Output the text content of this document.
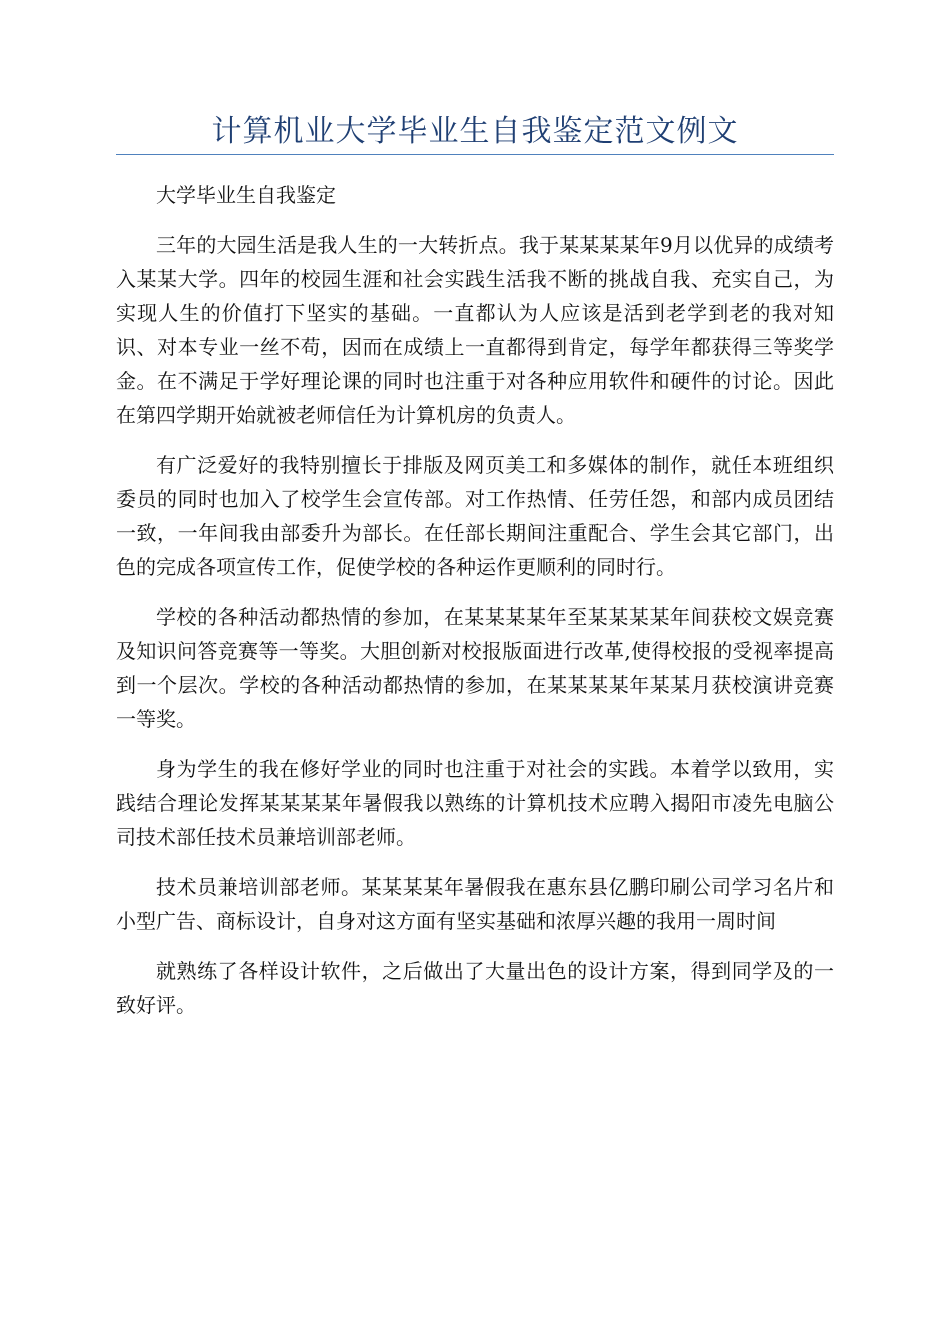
计算机业大学毕业生自我鉴定范文例文

大学毕业生自我鉴定

三年的大园生活是我人生的一大转折点。我于某某某某年9月以优异的成绩考入某某大学。四年的校园生涯和社会实践生活我不断的挑战自我、充实自己，为实现人生的价值打下坚实的基础。一直都认为人应该是活到老学到老的我对知识、对本专业一丝不苟，因而在成绩上一直都得到肯定，每学年都获得三等奖学金。在不满足于学好理论课的同时也注重于对各种应用软件和硬件的讨论。因此在第四学期开始就被老师信任为计算机房的负责人。

有广泛爱好的我特别擅长于排版及网页美工和多媒体的制作，就任本班组织委员的同时也加入了校学生会宣传部。对工作热情、任劳任怨，和部内成员团结一致，一年间我由部委升为部长。在任部长期间注重配合、学生会其它部门，出色的完成各项宣传工作，促使学校的各种运作更顺利的同时行。

学校的各种活动都热情的参加，在某某某某年至某某某某年间获校文娱竞赛及知识问答竞赛等一等奖。大胆创新对校报版面进行改革,使得校报的受视率提高到一个层次。学校的各种活动都热情的参加，在某某某某年某某月获校演讲竞赛一等奖。

身为学生的我在修好学业的同时也注重于对社会的实践。本着学以致用，实践结合理论发挥某某某某年暑假我以熟练的计算机技术应聘入揭阳市凌先电脑公司技术部任技术员兼培训部老师。

技术员兼培训部老师。某某某某年暑假我在惠东县亿鹏印刷公司学习名片和小型广告、商标设计，自身对这方面有坚实基础和浓厚兴趣的我用一周时间

就熟练了各样设计软件，之后做出了大量出色的设计方案，得到同学及的一致好评。
